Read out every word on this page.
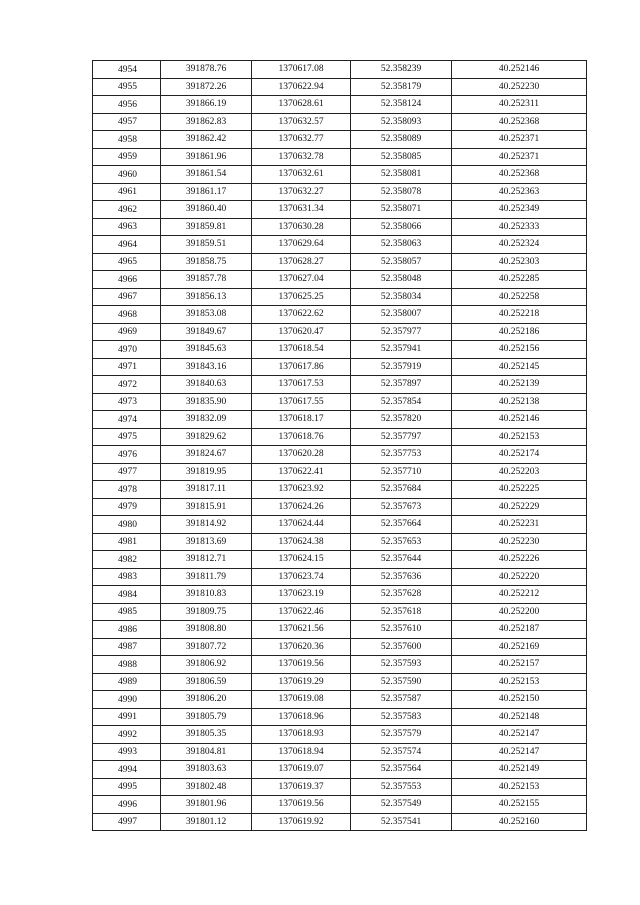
4954	391878.76	1370617.08	52.358239	40.252146
4955	391872.26	1370622.94	52.358179	40.252230
4956	391866.19	1370628.61	52.358124	40.252311
4957	391862.83	1370632.57	52.358093	40.252368
4958	391862.42	1370632.77	52.358089	40.252371
4959	391861.96	1370632.78	52.358085	40.252371
4960	391861.54	1370632.61	52.358081	40.252368
4961	391861.17	1370632.27	52.358078	40.252363
4962	391860.40	1370631.34	52.358071	40.252349
4963	391859.81	1370630.28	52.358066	40.252333
4964	391859.51	1370629.64	52.358063	40.252324
4965	391858.75	1370628.27	52.358057	40.252303
4966	391857.78	1370627.04	52.358048	40.252285
4967	391856.13	1370625.25	52.358034	40.252258
4968	391853.08	1370622.62	52.358007	40.252218
4969	391849.67	1370620.47	52.357977	40.252186
4970	391845.63	1370618.54	52.357941	40.252156
4971	391843.16	1370617.86	52.357919	40.252145
4972	391840.63	1370617.53	52.357897	40.252139
4973	391835.90	1370617.55	52.357854	40.252138
4974	391832.09	1370618.17	52.357820	40.252146
4975	391829.62	1370618.76	52.357797	40.252153
4976	391824.67	1370620.28	52.357753	40.252174
4977	391819.95	1370622.41	52.357710	40.252203
4978	391817.11	1370623.92	52.357684	40.252225
4979	391815.91	1370624.26	52.357673	40.252229
4980	391814.92	1370624.44	52.357664	40.252231
4981	391813.69	1370624.38	52.357653	40.252230
4982	391812.71	1370624.15	52.357644	40.252226
4983	391811.79	1370623.74	52.357636	40.252220
4984	391810.83	1370623.19	52.357628	40.252212
4985	391809.75	1370622.46	52.357618	40.252200
4986	391808.80	1370621.56	52.357610	40.252187
4987	391807.72	1370620.36	52.357600	40.252169
4988	391806.92	1370619.56	52.357593	40.252157
4989	391806.59	1370619.29	52.357590	40.252153
4990	391806.20	1370619.08	52.357587	40.252150
4991	391805.79	1370618.96	52.357583	40.252148
4992	391805.35	1370618.93	52.357579	40.252147
4993	391804.81	1370618.94	52.357574	40.252147
4994	391803.63	1370619.07	52.357564	40.252149
4995	391802.48	1370619.37	52.357553	40.252153
4996	391801.96	1370619.56	52.357549	40.252155
4997	391801.12	1370619.92	52.357541	40.252160
